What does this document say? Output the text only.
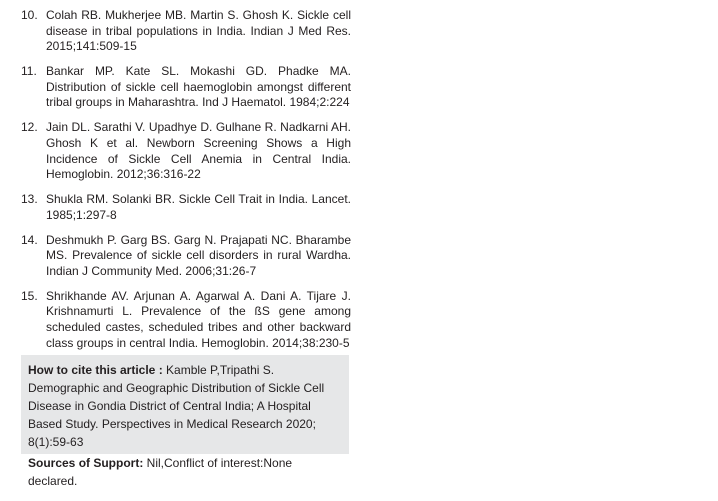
10. Colah RB. Mukherjee MB. Martin S. Ghosh K. Sickle cell disease in tribal populations in India. Indian J Med Res. 2015;141:509-15
11. Bankar MP. Kate SL. Mokashi GD. Phadke MA. Distribution of sickle cell haemoglobin amongst different tribal groups in Maharashtra. Ind J Haematol. 1984;2:224
12. Jain DL. Sarathi V. Upadhye D. Gulhane R. Nadkarni AH. Ghosh K et al. Newborn Screening Shows a High Incidence of Sickle Cell Anemia in Central India. Hemoglobin. 2012;36:316-22
13. Shukla RM. Solanki BR. Sickle Cell Trait in India. Lancet. 1985;1:297-8
14. Deshmukh P. Garg BS. Garg N. Prajapati NC. Bharambe MS. Prevalence of sickle cell disorders in rural Wardha. Indian J Community Med. 2006;31:26-7
15. Shrikhande AV. Arjunan A. Agarwal A. Dani A. Tijare J. Krishnamurti L. Prevalence of the ßS gene among scheduled castes, scheduled tribes and other backward class groups in central India. Hemoglobin. 2014;38:230-5

How to cite this article : Kamble P,Tripathi S. Demographic and Geographic Distribution of Sickle Cell Disease in Gondia District of Central India; A Hospital Based Study. Perspectives in Medical Research 2020; 8(1):59-63

Sources of Support: Nil,Conflict of interest:None declared.
